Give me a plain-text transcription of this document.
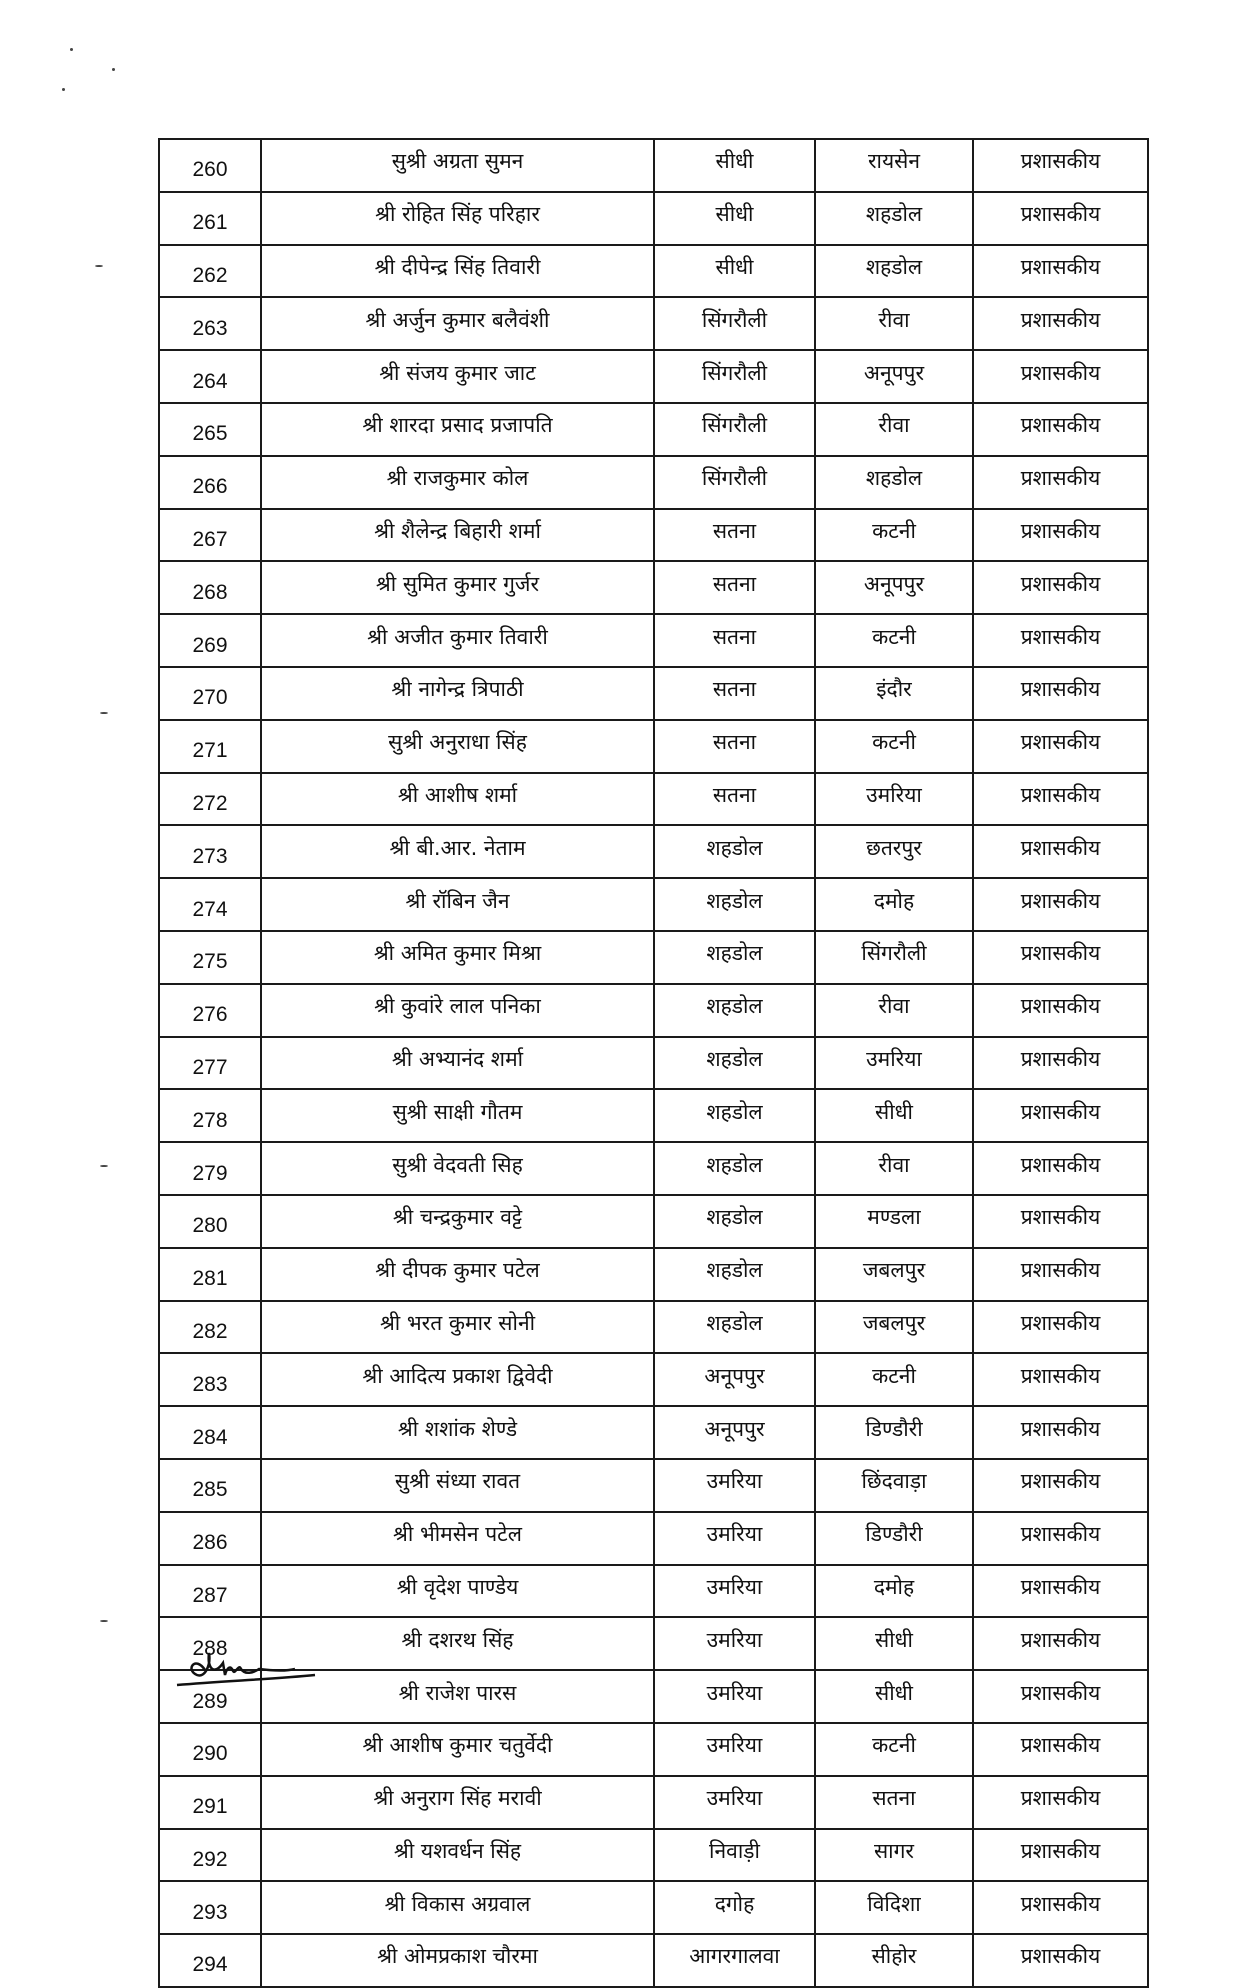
260	सुश्री अग्रता सुमन	सीधी	रायसेन	प्रशासकीय
261	श्री रोहित सिंह परिहार	सीधी	शहडोल	प्रशासकीय
262	श्री दीपेन्द्र सिंह तिवारी	सीधी	शहडोल	प्रशासकीय
263	श्री अर्जुन कुमार बलैवंशी	सिंगरौली	रीवा	प्रशासकीय
264	श्री संजय कुमार जाट	सिंगरौली	अनूपपुर	प्रशासकीय
265	श्री शारदा प्रसाद प्रजापति	सिंगरौली	रीवा	प्रशासकीय
266	श्री राजकुमार कोल	सिंगरौली	शहडोल	प्रशासकीय
267	श्री शैलेन्द्र बिहारी शर्मा	सतना	कटनी	प्रशासकीय
268	श्री सुमित कुमार गुर्जर	सतना	अनूपपुर	प्रशासकीय
269	श्री अजीत कुमार तिवारी	सतना	कटनी	प्रशासकीय
270	श्री नागेन्द्र त्रिपाठी	सतना	इंदौर	प्रशासकीय
271	सुश्री अनुराधा सिंह	सतना	कटनी	प्रशासकीय
272	श्री आशीष शर्मा	सतना	उमरिया	प्रशासकीय
273	श्री बी.आर. नेताम	शहडोल	छतरपुर	प्रशासकीय
274	श्री रॉबिन जैन	शहडोल	दमोह	प्रशासकीय
275	श्री अमित कुमार मिश्रा	शहडोल	सिंगरौली	प्रशासकीय
276	श्री कुवांरे लाल पनिका	शहडोल	रीवा	प्रशासकीय
277	श्री अभ्यानंद शर्मा	शहडोल	उमरिया	प्रशासकीय
278	सुश्री साक्षी गौतम	शहडोल	सीधी	प्रशासकीय
279	सुश्री वेदवती सिह	शहडोल	रीवा	प्रशासकीय
280	श्री चन्द्रकुमार वट्टे	शहडोल	मण्डला	प्रशासकीय
281	श्री दीपक कुमार पटेल	शहडोल	जबलपुर	प्रशासकीय
282	श्री भरत कुमार सोनी	शहडोल	जबलपुर	प्रशासकीय
283	श्री आदित्य प्रकाश द्विवेदी	अनूपपुर	कटनी	प्रशासकीय
284	श्री शशांक शेण्डे	अनूपपुर	डिण्डौरी	प्रशासकीय
285	सुश्री संध्या रावत	उमरिया	छिंदवाड़ा	प्रशासकीय
286	श्री भीमसेन पटेल	उमरिया	डिण्डौरी	प्रशासकीय
287	श्री वृदेश पाण्डेय	उमरिया	दमोह	प्रशासकीय
288	श्री दशरथ सिंह	उमरिया	सीधी	प्रशासकीय
289	श्री राजेश पारस	उमरिया	सीधी	प्रशासकीय
290	श्री आशीष कुमार चतुर्वेदी	उमरिया	कटनी	प्रशासकीय
291	श्री अनुराग सिंह मरावी	उमरिया	सतना	प्रशासकीय
292	श्री यशवर्धन सिंह	निवाड़ी	सागर	प्रशासकीय
293	श्री विकास अग्रवाल	दगोह	विदिशा	प्रशासकीय
294	श्री ओमप्रकाश चौरमा	आगरगालवा	सीहोर	प्रशासकीय
